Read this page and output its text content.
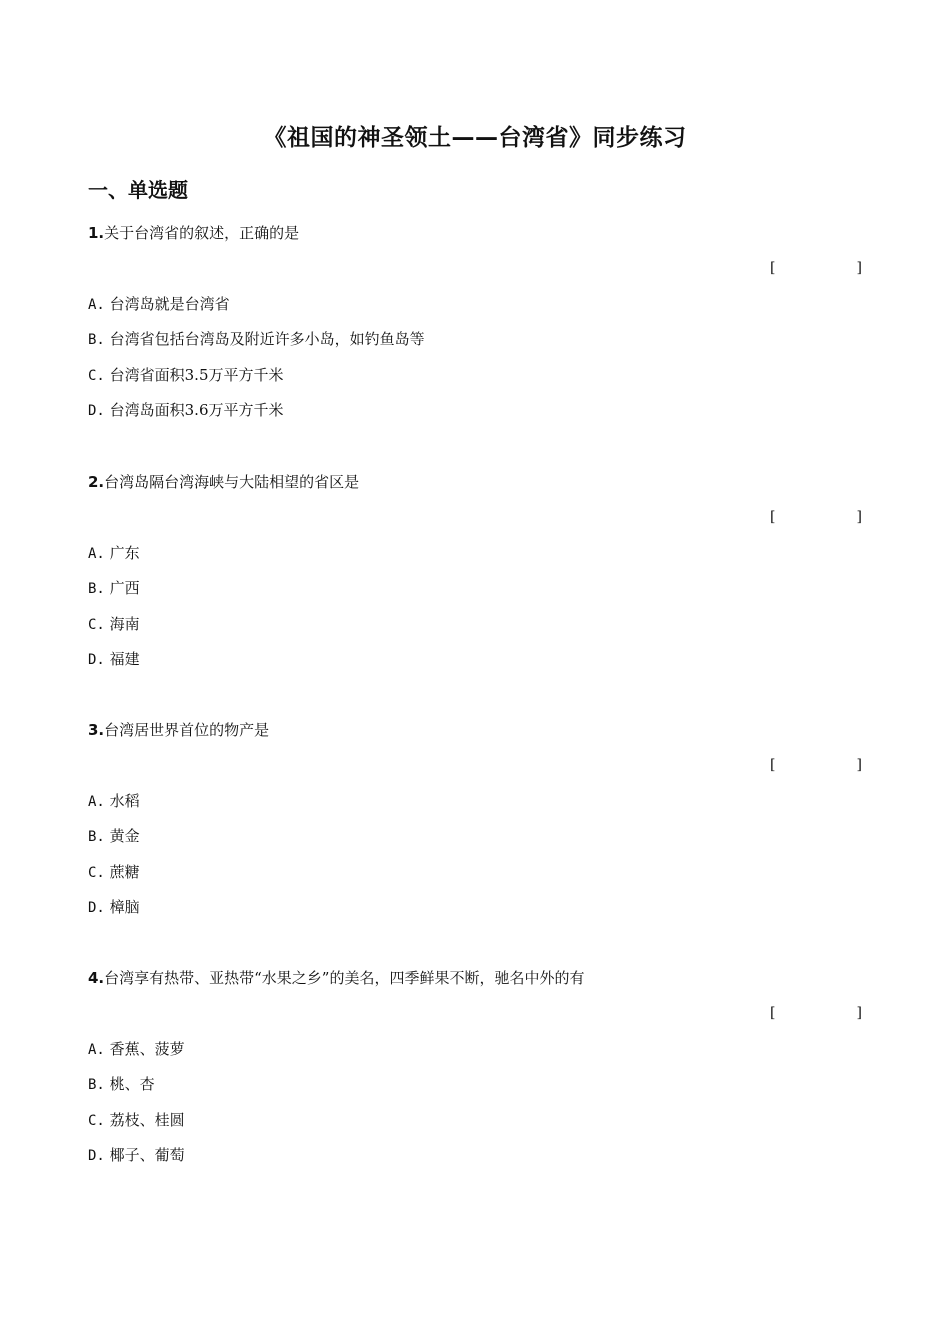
《祖国的神圣领土——台湾省》同步练习
一、单选题
1.关于台湾省的叙述，正确的是
[	]
A. 台湾岛就是台湾省
B. 台湾省包括台湾岛及附近许多小岛，如钓鱼岛等
C. 台湾省面积3.5万平方千米
D. 台湾岛面积3.6万平方千米
2.台湾岛隔台湾海峡与大陆相望的省区是
[	]
A. 广东
B. 广西
C. 海南
D. 福建
3.台湾居世界首位的物产是
[	]
A. 水稻
B. 黄金
C. 蔗糖
D. 樟脑
4.台湾享有热带、亚热带“水果之乡”的美名，四季鲜果不断，驰名中外的有
[	]
A. 香蕉、菠萝
B. 桃、杏
C. 荔枝、桂圆
D. 椰子、葡萄
